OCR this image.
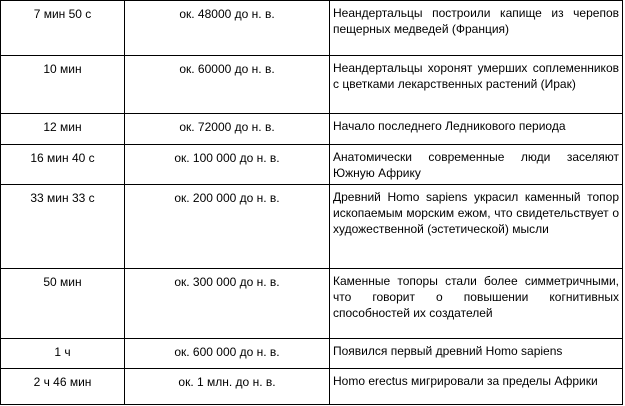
7 мин 50 с	ок. 48000 до н. в.	Неандертальцы построили капище из черепов пещерных медведей (Франция)

10 мин	ок. 60000 до н. в.	Неандертальцы хоронят умерших соплеменников с цветками лекарственных растений (Ирак)

12 мин	ок. 72000 до н. в.	Начало последнего Ледникового периода

16 мин 40 с	ок. 100 000 до н. в.	Анатомически современные люди заселяют Южную Африку

33 мин 33 с	ок. 200 000 до н. в.	Древний Homo sapiens украсил каменный топор ископаемым морским ежом, что свидетельствует о художественной (эстетической) мысли

50 мин	ок. 300 000 до н. в.	Каменные топоры стали более симметричными, что говорит о повышении когнитивных способностей их создателей

1 ч	ок. 600 000 до н. в.	Появился первый древний Homo sapiens

2 ч 46 мин	ок. 1 млн. до н. в.	Homo erectus мигрировали за пределы Африки
